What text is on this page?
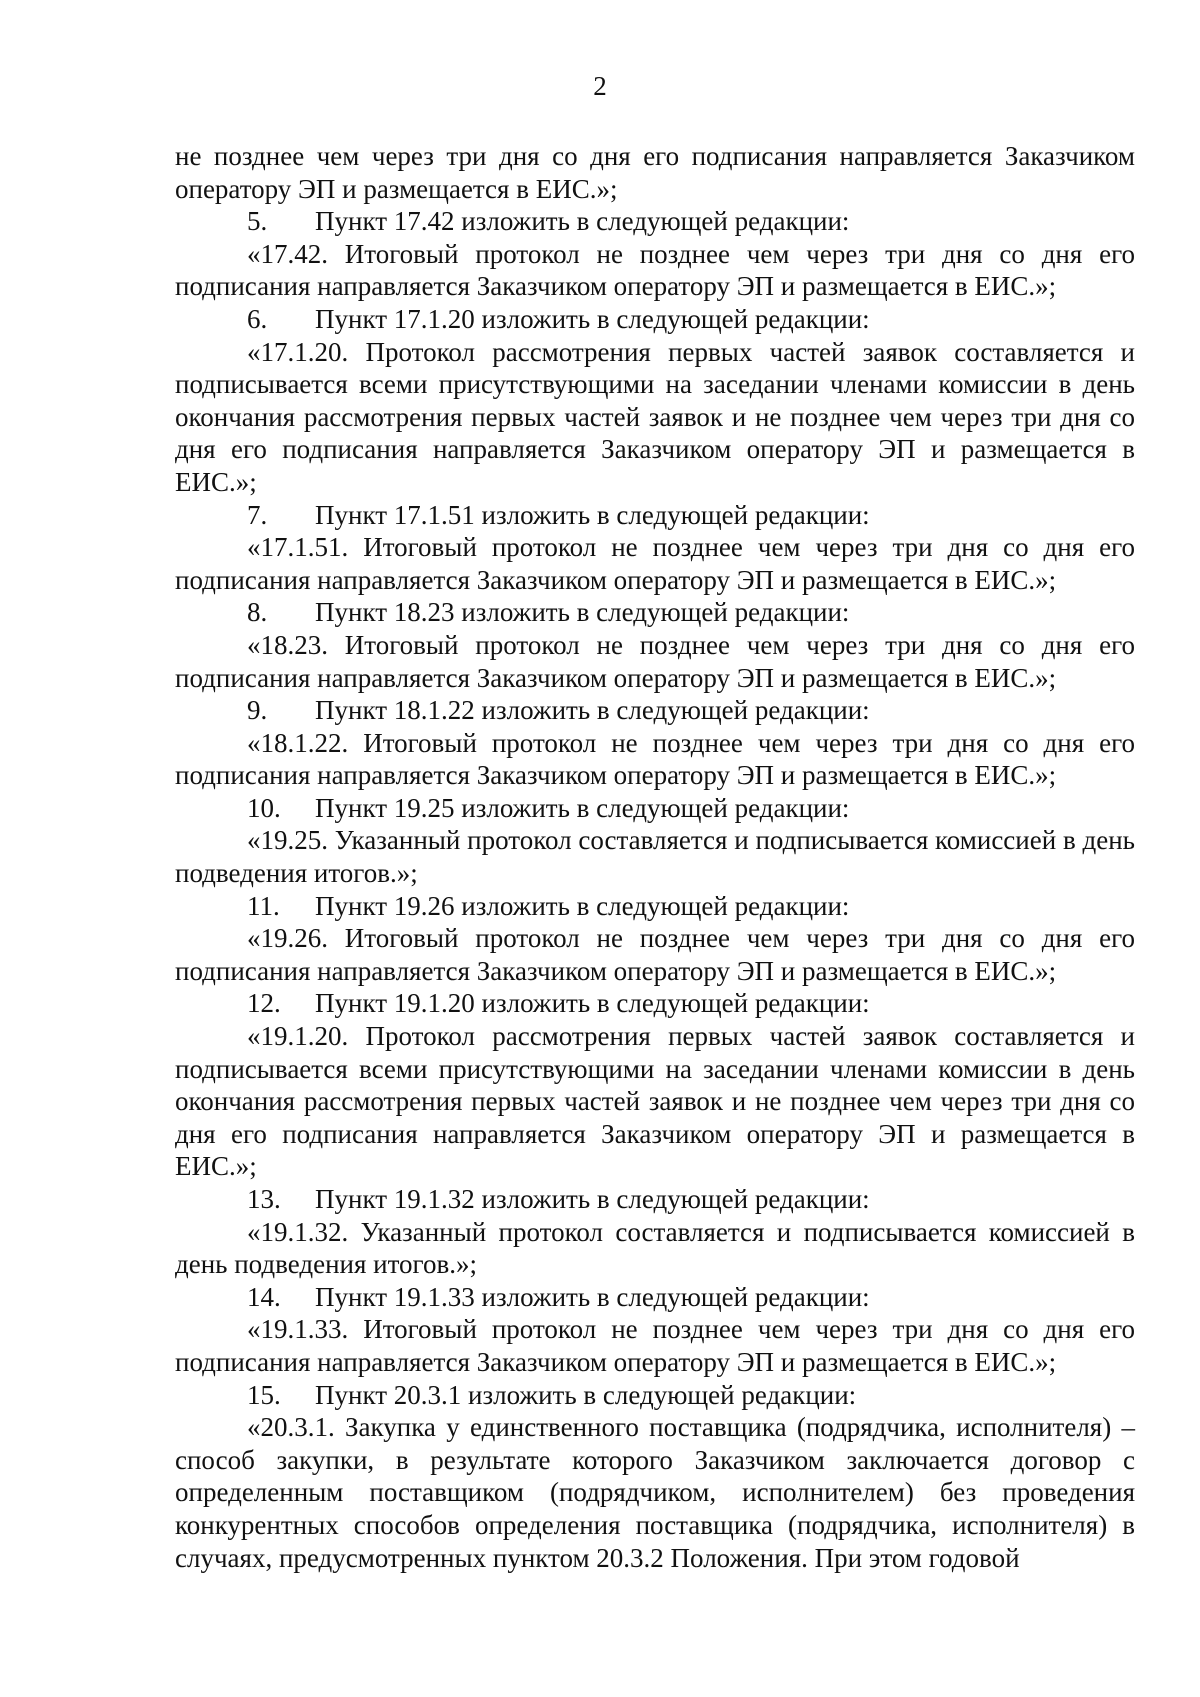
2

не позднее чем через три дня со дня его подписания направляется Заказчиком оператору ЭП и размещается в ЕИС.»;

5. Пункт 17.42 изложить в следующей редакции:

«17.42. Итоговый протокол не позднее чем через три дня со дня его подписания направляется Заказчиком оператору ЭП и размещается в ЕИС.»;

6. Пункт 17.1.20 изложить в следующей редакции:

«17.1.20. Протокол рассмотрения первых частей заявок составляется и подписывается всеми присутствующими на заседании членами комиссии в день окончания рассмотрения первых частей заявок и не позднее чем через три дня со дня его подписания направляется Заказчиком оператору ЭП и размещается в ЕИС.»;

7. Пункт 17.1.51 изложить в следующей редакции:

«17.1.51. Итоговый протокол не позднее чем через три дня со дня его подписания направляется Заказчиком оператору ЭП и размещается в ЕИС.»;

8. Пункт 18.23 изложить в следующей редакции:

«18.23. Итоговый протокол не позднее чем через три дня со дня его подписания направляется Заказчиком оператору ЭП и размещается в ЕИС.»;

9. Пункт 18.1.22 изложить в следующей редакции:

«18.1.22. Итоговый протокол не позднее чем через три дня со дня его подписания направляется Заказчиком оператору ЭП и размещается в ЕИС.»;

10. Пункт 19.25 изложить в следующей редакции:

«19.25. Указанный протокол составляется и подписывается комиссией в день подведения итогов.»;

11. Пункт 19.26 изложить в следующей редакции:

«19.26. Итоговый протокол не позднее чем через три дня со дня его подписания направляется Заказчиком оператору ЭП и размещается в ЕИС.»;

12. Пункт 19.1.20 изложить в следующей редакции:

«19.1.20. Протокол рассмотрения первых частей заявок составляется и подписывается всеми присутствующими на заседании членами комиссии в день окончания рассмотрения первых частей заявок и не позднее чем через три дня со дня его подписания направляется Заказчиком оператору ЭП и размещается в ЕИС.»;

13. Пункт 19.1.32 изложить в следующей редакции:

«19.1.32. Указанный протокол составляется и подписывается комиссией в день подведения итогов.»;

14. Пункт 19.1.33 изложить в следующей редакции:

«19.1.33. Итоговый протокол не позднее чем через три дня со дня его подписания направляется Заказчиком оператору ЭП и размещается в ЕИС.»;

15. Пункт 20.3.1 изложить в следующей редакции:

«20.3.1. Закупка у единственного поставщика (подрядчика, исполнителя) – способ закупки, в результате которого Заказчиком заключается договор с определенным поставщиком (подрядчиком, исполнителем) без проведения конкурентных способов определения поставщика (подрядчика, исполнителя) в случаях, предусмотренных пунктом 20.3.2 Положения. При этом годовой
